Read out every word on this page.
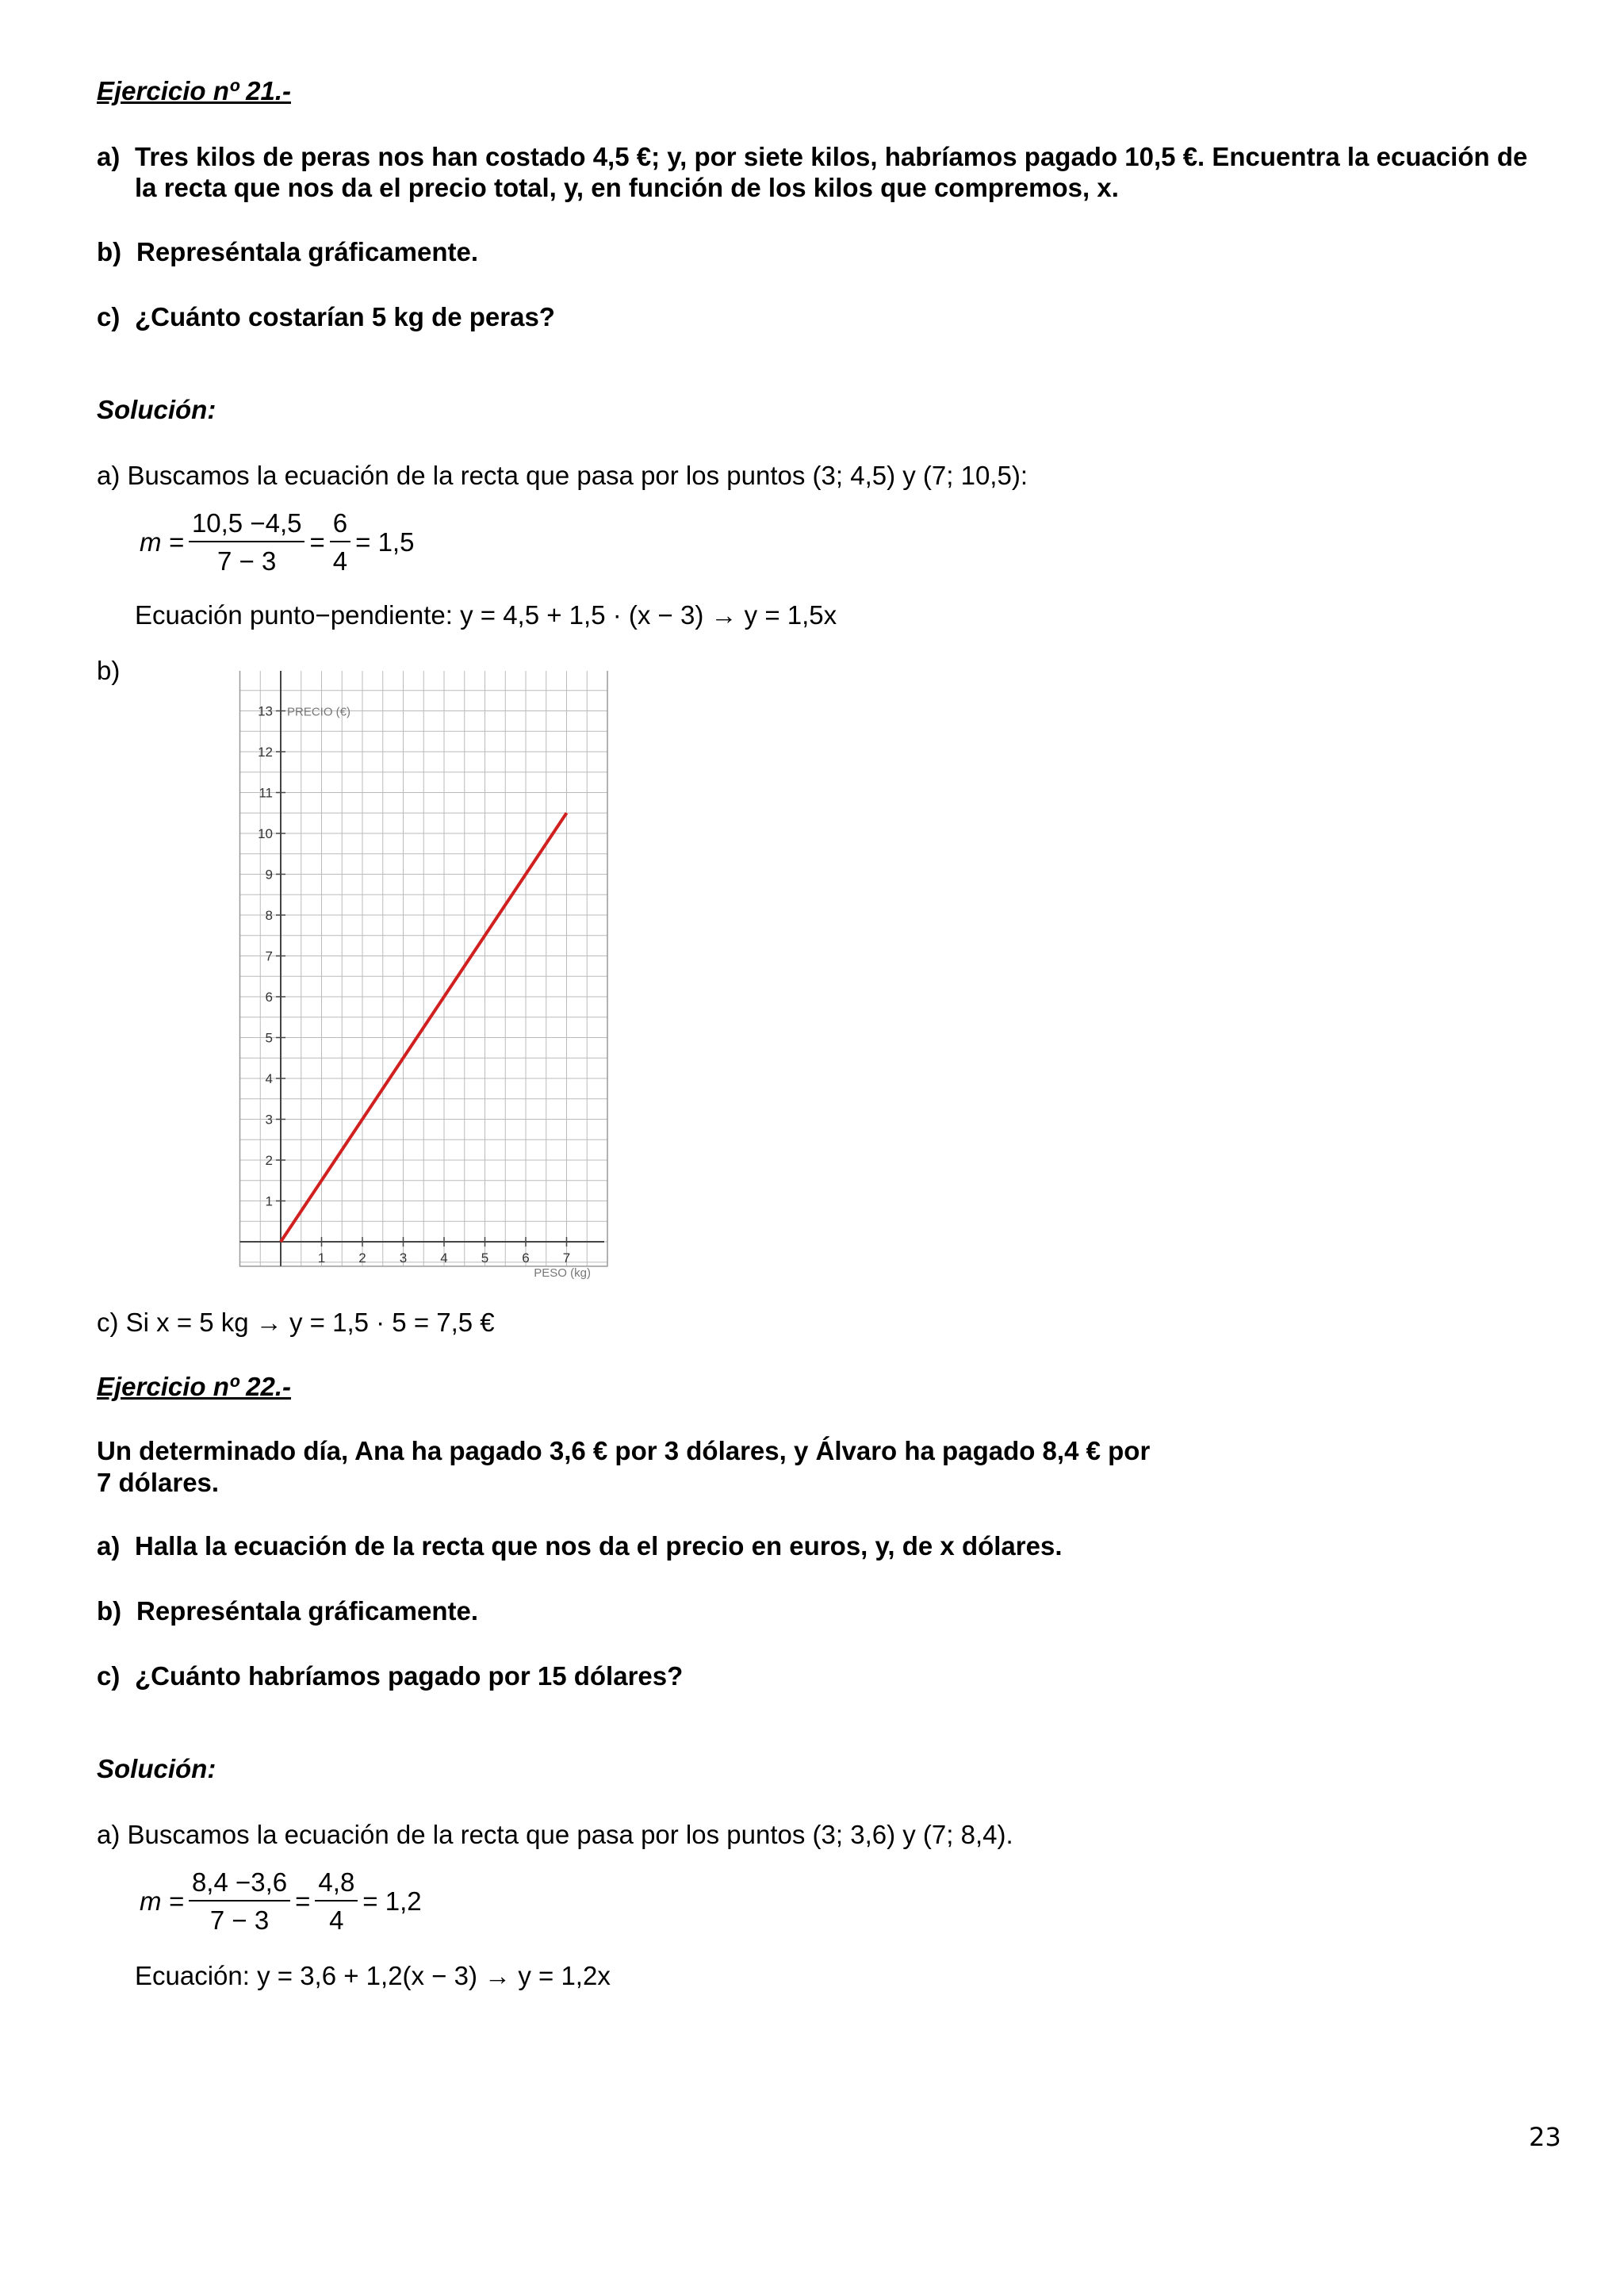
Ejercicio nº 21.-
a) Tres kilos de peras nos han costado 4,5 €; y, por siete kilos, habríamos pagado 10,5 €. Encuentra la ecuación de
la recta que nos da el precio total, y, en función de los kilos que compremos, x.
b) Represéntala gráficamente.
c) ¿Cuánto costarían 5 kg de peras?
Solución:
a) Buscamos la ecuación de la recta que pasa por los puntos (3; 4,5) y (7; 10,5):
$m = \frac{10,5 -4,5}{7 - 3} = \frac{6}{4} = 1,5$
Ecuación punto−pendiente: y = 4,5 + 1,5 · (x − 3) → y = 1,5x
b)
1
2
3
4
5
6
7
8
9
10
11
12
13
1 2 3 4 5 6 7
PRECIO (€)
PESO (kg)
c) Si x = 5 kg → y = 1,5 · 5 = 7,5 €
Ejercicio nº 22.-
Un determinado día, Ana ha pagado 3,6 € por 3 dólares, y Álvaro ha pagado 8,4 € por
7 dólares.
a) Halla la ecuación de la recta que nos da el precio en euros, y, de x dólares.
b) Represéntala gráficamente.
c) ¿Cuánto habríamos pagado por 15 dólares?
Solución:
a) Buscamos la ecuación de la recta que pasa por los puntos (3; 3,6) y (7; 8,4).
$m = \frac{8,4 -3,6}{7 - 3} = \frac{4,8}{4} = 1,2$
Ecuación: y = 3,6 + 1,2(x − 3) → y = 1,2x
23
